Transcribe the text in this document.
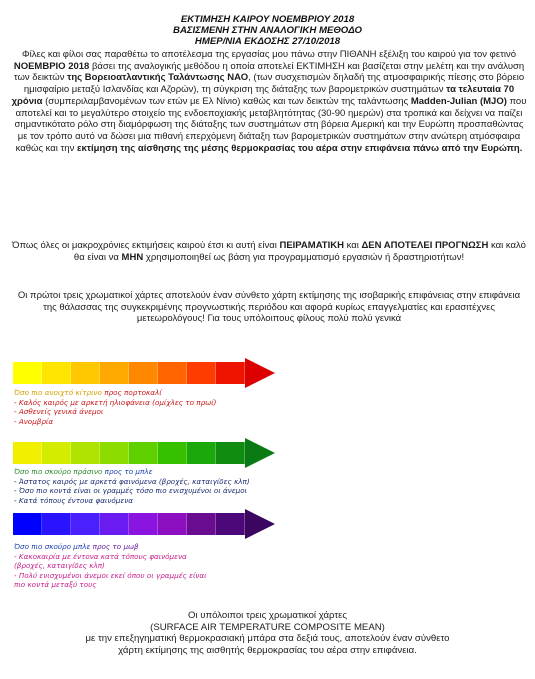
ΕΚΤΙΜΗΣΗ ΚΑΙΡΟΥ ΝΟΕΜΒΡΙΟΥ 2018
ΒΑΣΙΣΜΕΝΗ ΣΤΗΝ ΑΝΑΛΟΓΙΚΗ ΜΕΘΟΔΟ
ΗΜΕΡ/ΝΙΑ ΕΚΔΟΣΗΣ 27/10/2018
Φίλες και φίλοι σας παραθέτω το αποτέλεσμα της εργασίας μου πάνω στην ΠΙΘΑΝΗ εξέλιξη του καιρού για τον φετινό ΝΟΕΜΒΡΙΟ 2018 βάσει της αναλογικής μεθόδου η οποία αποτελεί ΕΚΤΙΜΗΣΗ και βασίζεται στην μελέτη και την ανάλυση των δεικτών της Βορειοατλαντικής Ταλάντωσης ΝΑΟ, (των συσχετισμών δηλαδή της ατμοσφαιρικής πίεσης στο βόρειο ημισφαίριο μεταξύ Ισλανδίας και Αζορών), τη σύγκριση της διάταξης των βαρομετρικών συστημάτων τα τελευταία 70 χρόνια (συμπεριλαμβανομένων των ετών με Ελ Νίνιο) καθώς και των δεικτών της ταλάντωσης Madden-Julian (MJO) που αποτελεί και το μεγαλύτερο στοιχείο της ενδοεποχιακής μεταβλητότητας (30-90 ημερών) στα τροπικά και δείχνει να παίζει σημαντικότατο ρόλο στη διαμόρφωση της διάταξης των συστημάτων στη βόρεια Αμερική και την Ευρώπη προσπαθώντας με τον τρόπο αυτό να δώσει μια πιθανή επερχόμενη διάταξη των βαρομετρικών συστημάτων στην ανώτερη ατμόσφαιρα καθώς και την εκτίμηση της αίσθησης της μέσης θερμοκρασίας του αέρα στην επιφάνεια πάνω από την Ευρώπη.
Όπως όλες οι μακροχρόνιες εκτιμήσεις καιρού έτσι κι αυτή είναι ΠΕΙΡΑΜΑΤΙΚΗ και ΔΕΝ ΑΠΟΤΕΛΕΙ ΠΡΟΓΝΩΣΗ και καλό θα είναι να ΜΗΝ χρησιμοποιηθεί ως βάση για προγραμματισμό εργασιών ή δραστηριοτήτων!
Οι πρώτοι τρεις χρωματικοί χάρτες αποτελούν έναν σύνθετο χάρτη εκτίμησης της ισοβαρικής επιφάνειας στην επιφάνεια της θάλασσας της συγκεκριμένης προγνωστικής περιόδου και αφορά κυρίως επαγγελματίες και ερασιτέχνες μετεωρολόγους! Για τους υπόλοιπους φίλους πολύ πολύ γενικά
Όσο πιο ανοιχτό κίτρινο προς πορτοκαλί
- Καλός καιρός με αρκετή ηλιοφάνεια (ομίχλες το πρωί)
- Ασθενείς γενικά άνεμοι
- Ανομβρία
Όσο πιο σκούρο πράσινο προς το μπλε
- Άστατος καιρός με αρκετά φαινόμενα (βροχές, καταιγίδες κλπ)
- Όσο πιο κοντά είναι οι γραμμές τόσο πιο ενισχυμένοι οι άνεμοι
- Κατά τόπους έντονα φαινόμενα
Όσο πιο σκούρο μπλε προς το μωβ
- Κακοκαιρία με έντονα κατά τόπους φαινόμενα
(βροχές, καταιγίδες κλπ)
- Πολύ ενισχυμένοι άνεμοι εκεί όπου οι γραμμές είναι
πιο κοντά μεταξύ τους
Οι υπόλοιποι τρεις χρωματικοί χάρτες
(SURFACE AIR TEMPERATURE COMPOSITE MEAN)
με την επεξηγηματική θερμοκρασιακή μπάρα στα δεξιά τους, αποτελούν έναν σύνθετο
χάρτη εκτίμησης της αισθητής θερμοκρασίας του αέρα στην επιφάνεια.
